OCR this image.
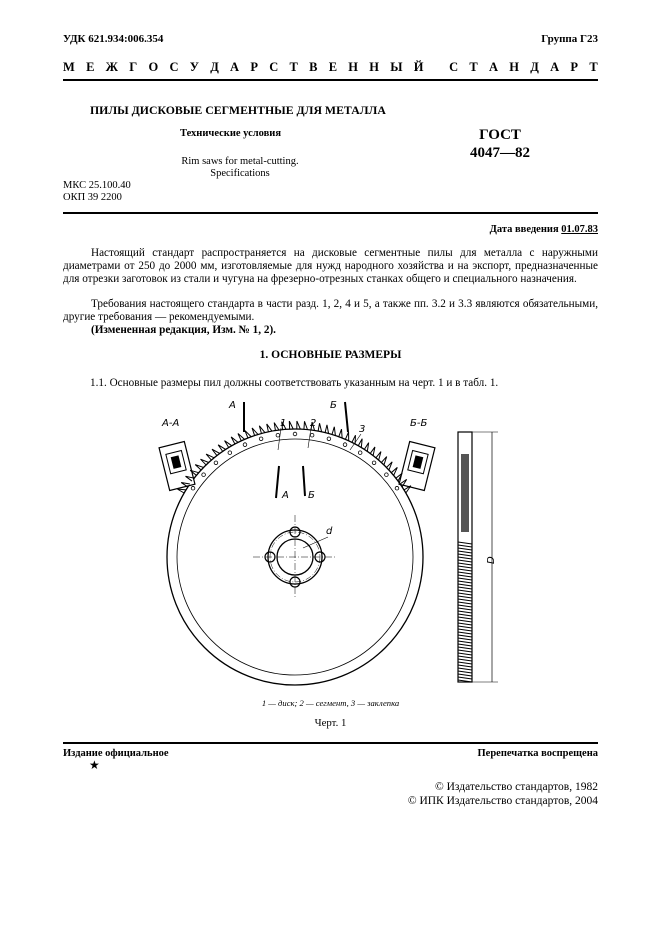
УДК 621.934:006.354	Группа Г23
М Е Ж Г О С У Д А Р С Т В Е Н Н Ы Й
С Т А Н Д А Р Т
ПИЛЫ ДИСКОВЫЕ СЕГМЕНТНЫЕ ДЛЯ МЕТАЛЛА
Технические условия	ГОСТ
4047—82
Rim saws for metal-cutting.
Specifications
МКС 25.100.40
ОКП 39 2200
Дата введения 01.07.83

Настоящий стандарт распространяется на дисковые сегментные пилы для металла с наружными диаметрами от 250 до 2000 мм, изготовляемые для нужд народного хозяйства и на экспорт, предназначенные для отрезки заготовок из стали и чугуна на фрезерно-отрезных станках общего и специального назначения.

Требования настоящего стандарта в части разд. 1, 2, 4 и 5, а также пп. 3.2 и 3.3 являются обязательными, другие требования — рекомендуемыми.

(Измененная редакция, Изм. № 1, 2).

1. ОСНОВНЫЕ РАЗМЕРЫ
1.1. Основные размеры пил должны соответствовать указанным на черт. 1 и в табл. 1.
А-А	Б-Б
А	Б
А Б
1 2
3
d
D
1 — диск; 2 — сегмент, 3 — заклепка
Черт. 1
Издание официальное
★
Перепечатка воспрещена
© Издательство стандартов, 1982
© ИПК Издательство стандартов, 2004
